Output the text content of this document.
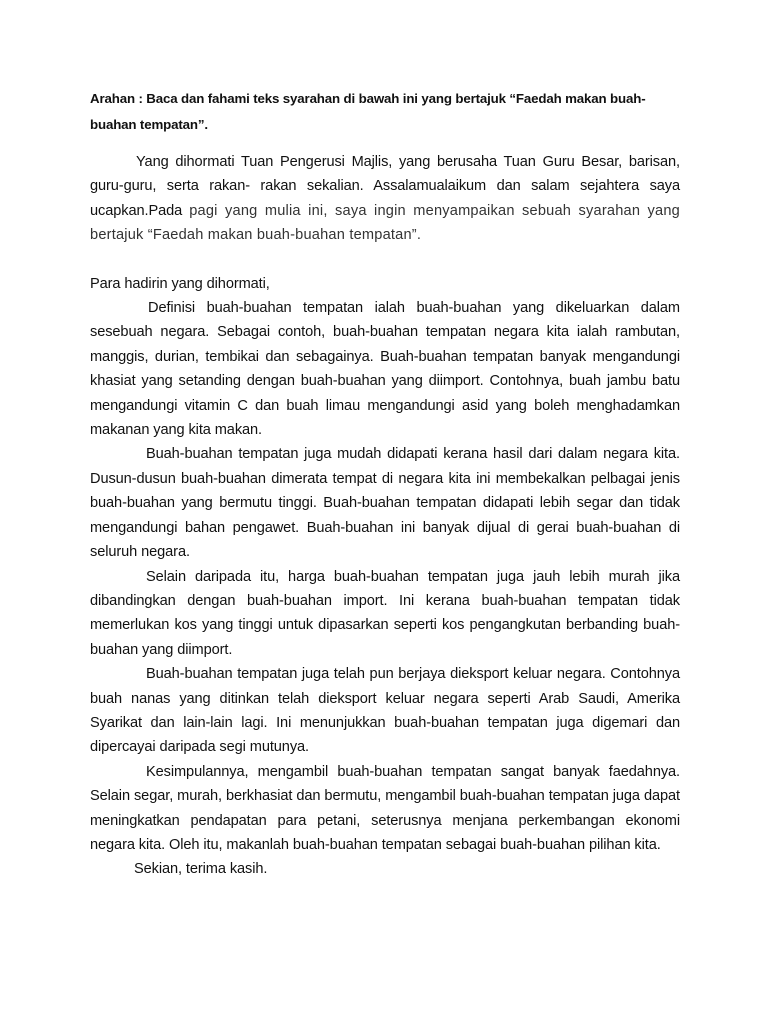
Arahan : Baca dan fahami teks syarahan di bawah ini yang bertajuk “Faedah makan buah-buahan tempatan”.

Yang dihormati Tuan Pengerusi Majlis, yang berusaha Tuan Guru Besar, barisan, guru-guru, serta rakan- rakan sekalian. Assalamualaikum dan salam sejahtera saya ucapkan.Pada pagi yang mulia ini, saya ingin menyampaikan sebuah syarahan yang bertajuk “Faedah makan buah-buahan tempatan”.

Para hadirin yang dihormati,

Definisi buah-buahan tempatan ialah buah-buahan yang dikeluarkan dalam sesebuah negara. Sebagai contoh, buah-buahan tempatan negara kita ialah rambutan, manggis, durian, tembikai dan sebagainya. Buah-buahan tempatan banyak mengandungi khasiat yang setanding dengan buah-buahan yang diimport. Contohnya, buah jambu batu mengandungi vitamin C dan buah limau mengandungi asid yang boleh menghadamkan makanan yang kita makan.

Buah-buahan tempatan juga mudah didapati kerana hasil dari dalam negara kita. Dusun-dusun buah-buahan dimerata tempat di negara kita ini membekalkan pelbagai jenis buah-buahan yang bermutu tinggi. Buah-buahan tempatan didapati lebih segar dan tidak mengandungi bahan pengawet. Buah-buahan ini banyak dijual di gerai buah-buahan di seluruh negara.

Selain daripada itu, harga buah-buahan tempatan juga jauh lebih murah jika dibandingkan dengan buah-buahan import. Ini kerana buah-buahan tempatan tidak memerlukan kos yang tinggi untuk dipasarkan seperti kos pengangkutan berbanding buah-buahan yang diimport.

Buah-buahan tempatan juga telah pun berjaya dieksport keluar negara. Contohnya buah nanas yang ditinkan telah dieksport keluar negara seperti Arab Saudi, Amerika Syarikat dan lain-lain lagi. Ini menunjukkan buah-buahan tempatan juga digemari dan dipercayai daripada segi mutunya.

Kesimpulannya, mengambil buah-buahan tempatan sangat banyak faedahnya. Selain segar, murah, berkhasiat dan bermutu, mengambil buah-buahan tempatan juga dapat meningkatkan pendapatan para petani, seterusnya menjana perkembangan ekonomi negara kita. Oleh itu, makanlah buah-buahan tempatan sebagai buah-buahan pilihan kita.

Sekian, terima kasih.
